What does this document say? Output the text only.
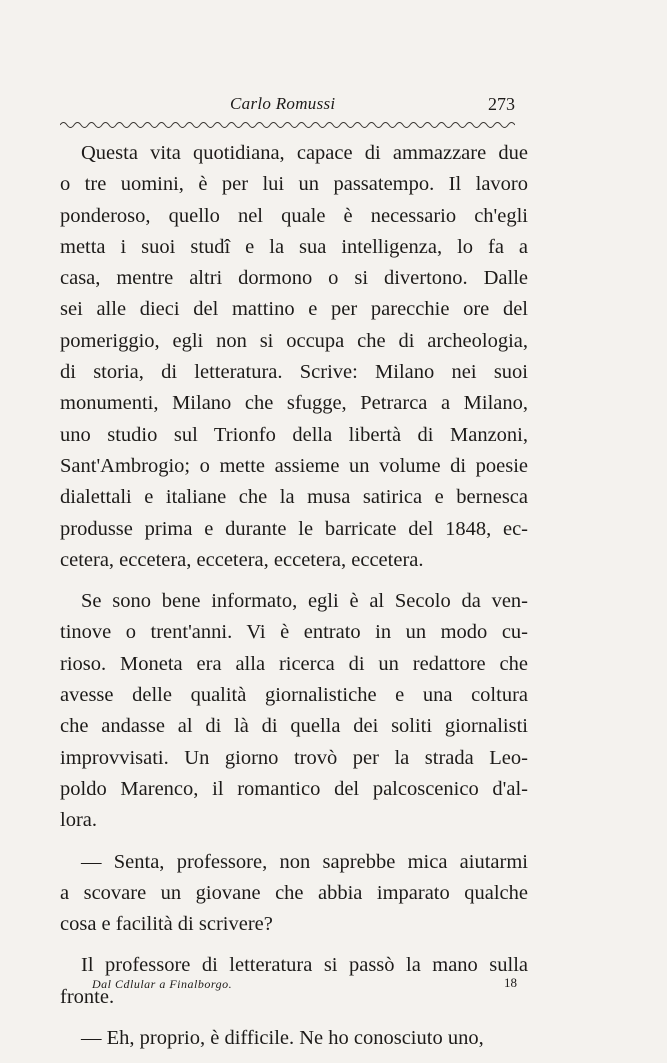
Carlo Romussi	273

Questa vita quotidiana, capace di ammazzare due

o tre uomini, è per lui un passatempo. Il lavoro

ponderoso, quello nel quale è necessario ch'egli

metta i suoi studî e la sua intelligenza, lo fa a

casa, mentre altri dormono o si divertono. Dalle

sei alle dieci del mattino e per parecchie ore del

pomeriggio, egli non si occupa che di archeologia,

di storia, di letteratura. Scrive: Milano nei suoi

monumenti, Milano che sfugge, Petrarca a Milano,

uno studio sul Trionfo della libertà di Manzoni,

Sant'Ambrogio; o mette assieme un volume di poesie

dialettali e italiane che la musa satirica e bernesca

produsse prima e durante le barricate del 1848, ec-

cetera, eccetera, eccetera, eccetera, eccetera.

Se sono bene informato, egli è al Secolo da ven-

tinove o trent'anni. Vi è entrato in un modo cu-

rioso. Moneta era alla ricerca di un redattore che

avesse delle qualità giornalistiche e una coltura

che andasse al di là di quella dei soliti giornalisti

improvvisati. Un giorno trovò per la strada Leo-

poldo Marenco, il romantico del palcoscenico d'al-

lora.

— Senta, professore, non saprebbe mica aiutarmi

a scovare un giovane che abbia imparato qualche

cosa e facilità di scrivere?

Il professore di letteratura si passò la mano sulla

fronte.

— Eh, proprio, è difficile. Ne ho conosciuto uno,

Dal Cdlular a Finalborgo.	18
